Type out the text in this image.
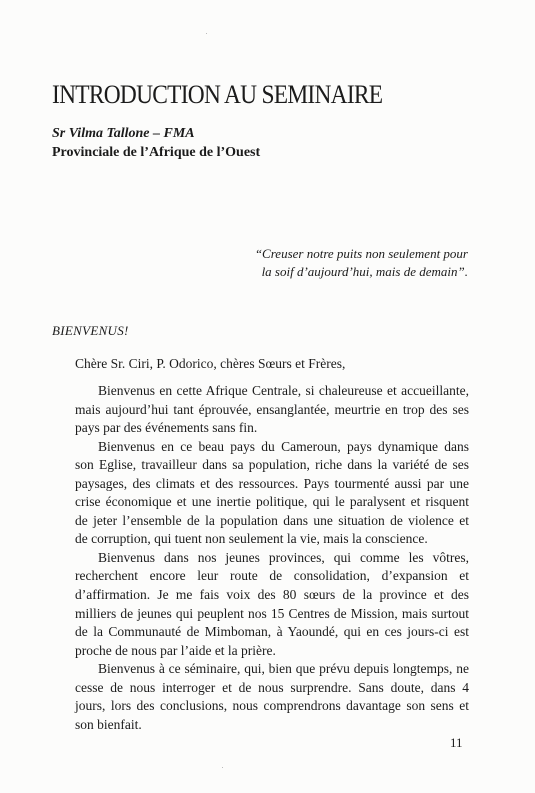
INTRODUCTION AU SEMINAIRE
Sr Vilma Tallone – FMA
Provinciale de l’Afrique de l’Ouest
“Creuser notre puits non seulement pour
la soif d’aujourd’hui, mais de demain”.
BIENVENUS!
Chère Sr. Ciri, P. Odorico, chères Sœurs et Frères,
Bienvenus en cette Afrique Centrale, si chaleureuse et accueillante,
mais aujourd’hui tant éprouvée, ensanglantée, meurtrie en trop des ses
pays par des événements sans fin.
Bienvenus en ce beau pays du Cameroun, pays dynamique dans
son Eglise, travailleur dans sa population, riche dans la variété de ses
paysages, des climats et des ressources. Pays tourmenté aussi par une
crise économique et une inertie politique, qui le paralysent et risquent
de jeter l’ensemble de la population dans une situation de violence et
de corruption, qui tuent non seulement la vie, mais la conscience.
Bienvenus dans nos jeunes provinces, qui comme les vôtres,
recherchent encore leur route de consolidation, d’expansion et
d’affirmation. Je me fais voix des 80 sœurs de la province et des
milliers de jeunes qui peuplent nos 15 Centres de Mission, mais surtout
de la Communauté de Mimboman, à Yaoundé, qui en ces jours-ci est
proche de nous par l’aide et la prière.
Bienvenus à ce séminaire, qui, bien que prévu depuis longtemps, ne
cesse de nous interroger et de nous surprendre. Sans doute, dans 4
jours, lors des conclusions, nous comprendrons davantage son sens et
son bienfait.
11
